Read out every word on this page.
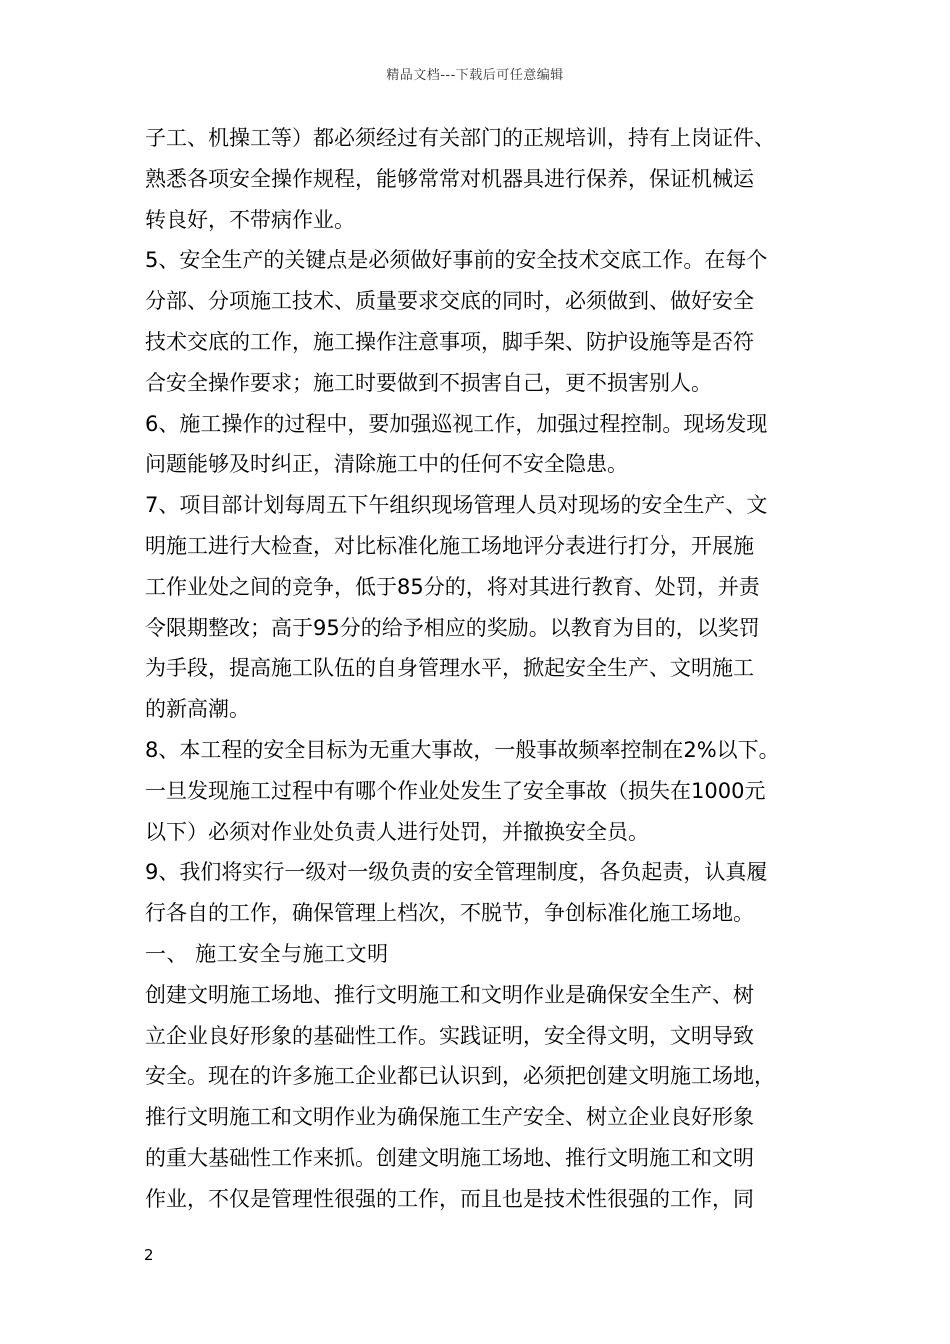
精品文档---下载后可任意编辑
子工、机操工等）都必须经过有关部门的正规培训，持有上岗证件、
熟悉各项安全操作规程，能够常常对机器具进行保养，保证机械运
转良好，不带病作业。
5、安全生产的关键点是必须做好事前的安全技术交底工作。在每个
分部、分项施工技术、质量要求交底的同时，必须做到、做好安全
技术交底的工作，施工操作注意事项，脚手架、防护设施等是否符
合安全操作要求；施工时要做到不损害自己，更不损害别人。
6、施工操作的过程中，要加强巡视工作，加强过程控制。现场发现
问题能够及时纠正，清除施工中的任何不安全隐患。
7、项目部计划每周五下午组织现场管理人员对现场的安全生产、文
明施工进行大检查，对比标准化施工场地评分表进行打分，开展施
工作业处之间的竞争，低于85分的，将对其进行教育、处罚，并责
令限期整改；高于95分的给予相应的奖励。以教育为目的，以奖罚
为手段，提高施工队伍的自身管理水平，掀起安全生产、文明施工
的新高潮。
8、本工程的安全目标为无重大事故，一般事故频率控制在2%以下。
一旦发现施工过程中有哪个作业处发生了安全事故（损失在1000元
以下）必须对作业处负责人进行处罚，并撤换安全员。
9、我们将实行一级对一级负责的安全管理制度，各负起责，认真履
行各自的工作，确保管理上档次，不脱节，争创标准化施工场地。
一、 施工安全与施工文明
创建文明施工场地、推行文明施工和文明作业是确保安全生产、树
立企业良好形象的基础性工作。实践证明，安全得文明，文明导致
安全。现在的许多施工企业都已认识到，必须把创建文明施工场地，
推行文明施工和文明作业为确保施工生产安全、树立企业良好形象
的重大基础性工作来抓。创建文明施工场地、推行文明施工和文明
作业，不仅是管理性很强的工作，而且也是技术性很强的工作，同
2
